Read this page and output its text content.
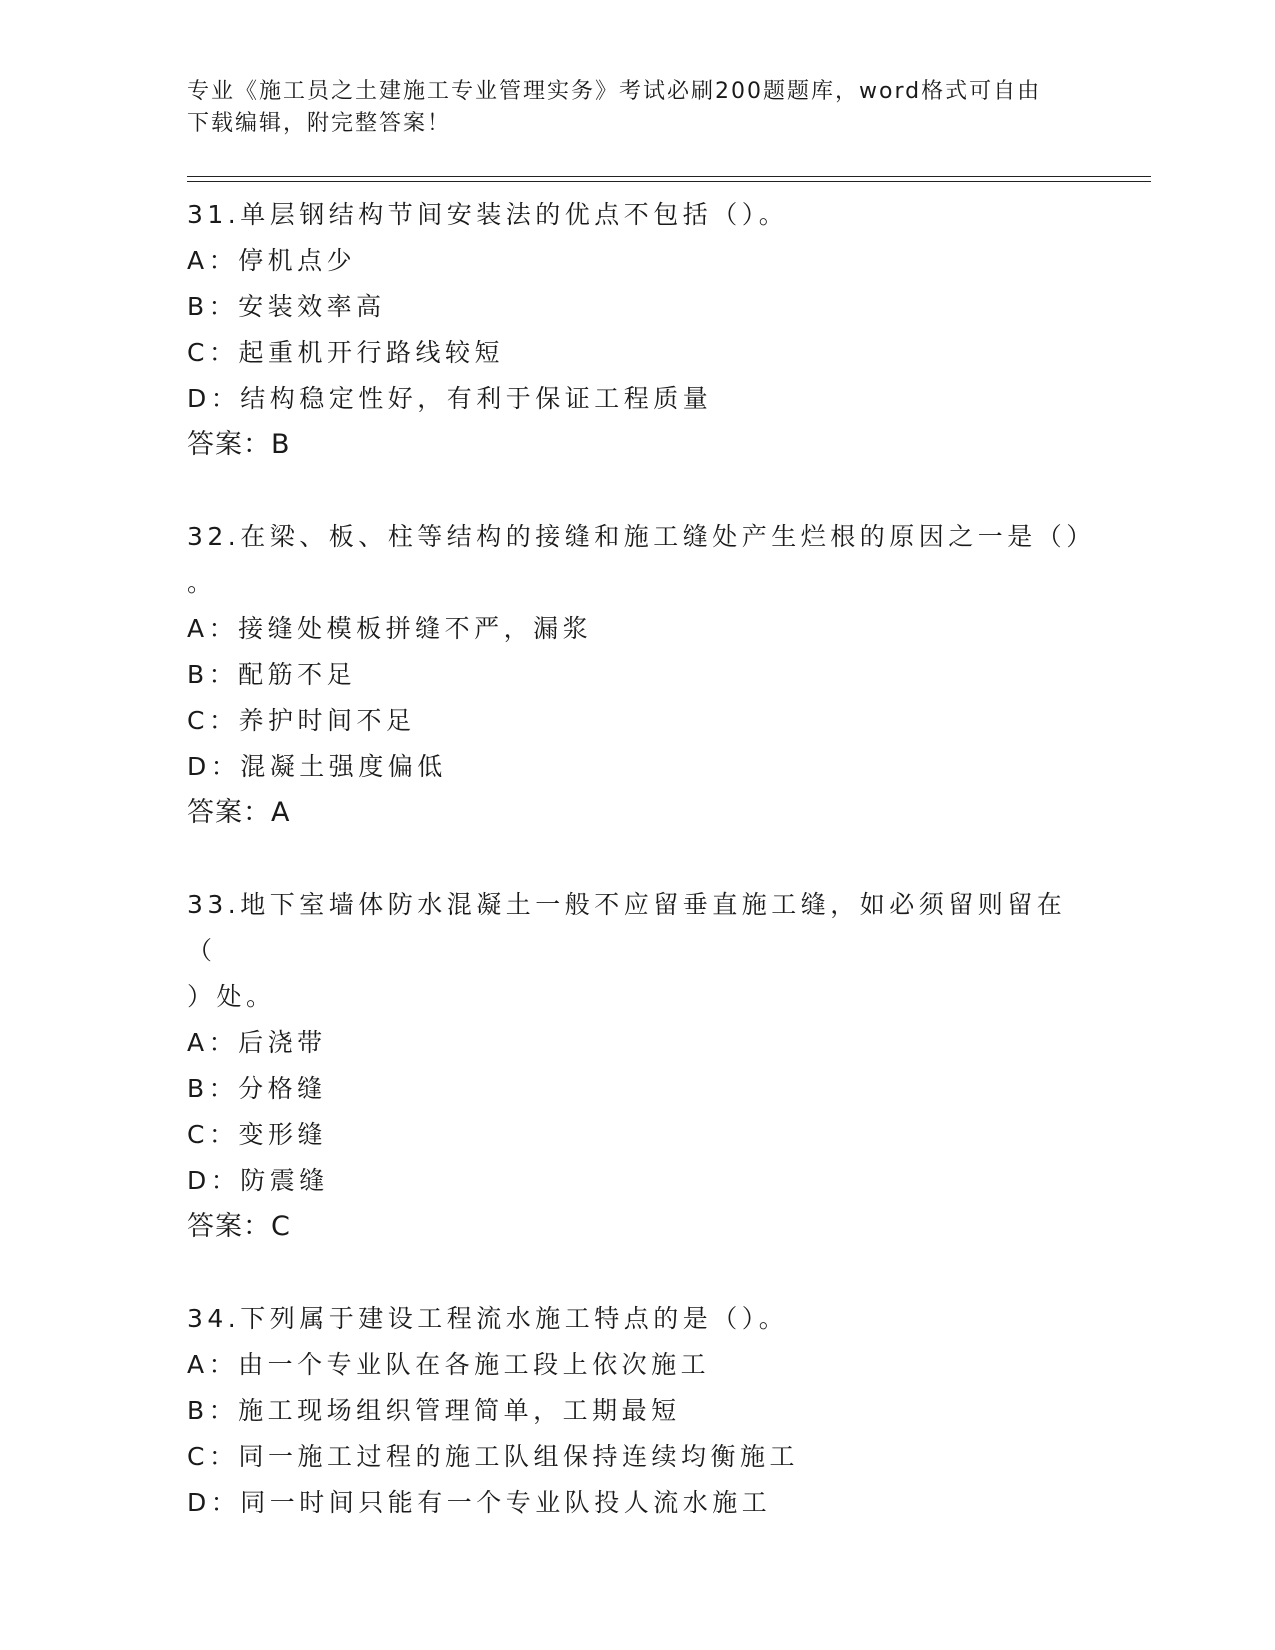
专业《施工员之土建施工专业管理实务》考试必刷200题题库，word格式可自由
下载编辑，附完整答案！

31.单层钢结构节间安装法的优点不包括（）。

A：停机点少

B：安装效率高

C：起重机开行路线较短

D：结构稳定性好，有利于保证工程质量

答案：B

32.在梁、板、柱等结构的接缝和施工缝处产生烂根的原因之一是（）

。

A：接缝处模板拼缝不严，漏浆

B：配筋不足

C：养护时间不足

D：混凝土强度偏低

答案：A

33.地下室墙体防水混凝土一般不应留垂直施工缝，如必须留则留在（

）处。

A：后浇带

B：分格缝

C：变形缝

D：防震缝

答案：C

34.下列属于建设工程流水施工特点的是（）。

A：由一个专业队在各施工段上依次施工

B：施工现场组织管理简单，工期最短

C：同一施工过程的施工队组保持连续均衡施工

D：同一时间只能有一个专业队投人流水施工
